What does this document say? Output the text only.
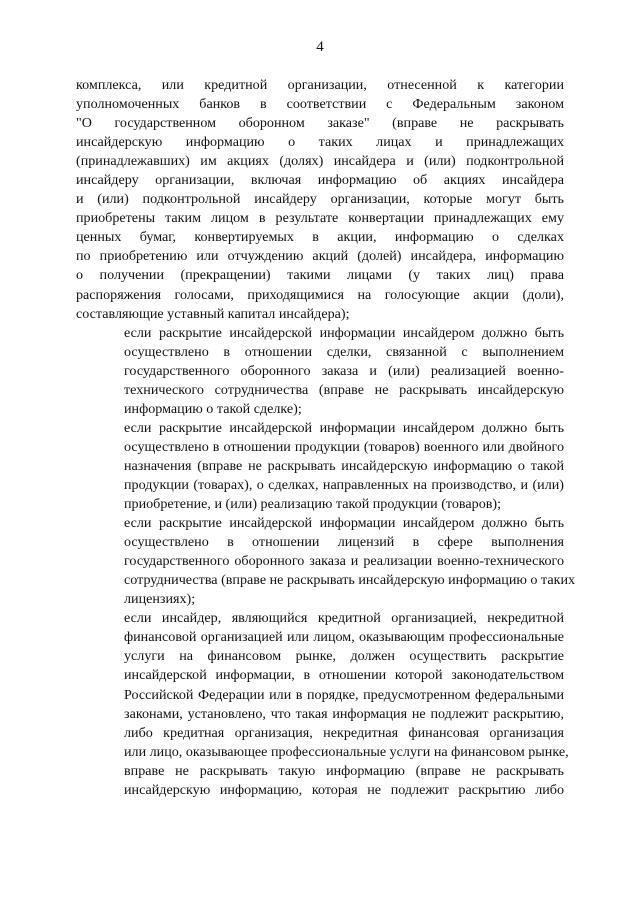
4

комплекса, или кредитной организации, отнесенной к категории
уполномоченных банков в соответствии с Федеральным законом
"О государственном оборонном заказе" (вправе не раскрывать
инсайдерскую информацию о таких лицах и принадлежащих
(принадлежавших) им акциях (долях) инсайдера и (или) подконтрольной
инсайдеру организации, включая информацию об акциях инсайдера
и (или) подконтрольной инсайдеру организации, которые могут быть
приобретены таким лицом в результате конвертации принадлежащих ему
ценных бумаг, конвертируемых в акции, информацию о сделках
по приобретению или отчуждению акций (долей) инсайдера, информацию
о получении (прекращении) такими лицами (у таких лиц) права
распоряжения голосами, приходящимися на голосующие акции (доли),
составляющие уставный капитал инсайдера);

если раскрытие инсайдерской информации инсайдером должно быть
осуществлено в отношении сделки, связанной с выполнением
государственного оборонного заказа и (или) реализацией военно-
технического сотрудничества (вправе не раскрывать инсайдерскую
информацию о такой сделке);

если раскрытие инсайдерской информации инсайдером должно быть
осуществлено в отношении продукции (товаров) военного или двойного
назначения (вправе не раскрывать инсайдерскую информацию о такой
продукции (товарах), о сделках, направленных на производство, и (или)
приобретение, и (или) реализацию такой продукции (товаров);

если раскрытие инсайдерской информации инсайдером должно быть
осуществлено в отношении лицензий в сфере выполнения
государственного оборонного заказа и реализации военно-технического
сотрудничества (вправе не раскрывать инсайдерскую информацию о таких
лицензиях);

если инсайдер, являющийся кредитной организацией, некредитной
финансовой организацией или лицом, оказывающим профессиональные
услуги на финансовом рынке, должен осуществить раскрытие
инсайдерской информации, в отношении которой законодательством
Российской Федерации или в порядке, предусмотренном федеральными
законами, установлено, что такая информация не подлежит раскрытию,
либо кредитная организация, некредитная финансовая организация
или лицо, оказывающее профессиональные услуги на финансовом рынке,
вправе не раскрывать такую информацию (вправе не раскрывать
инсайдерскую информацию, которая не подлежит раскрытию либо
